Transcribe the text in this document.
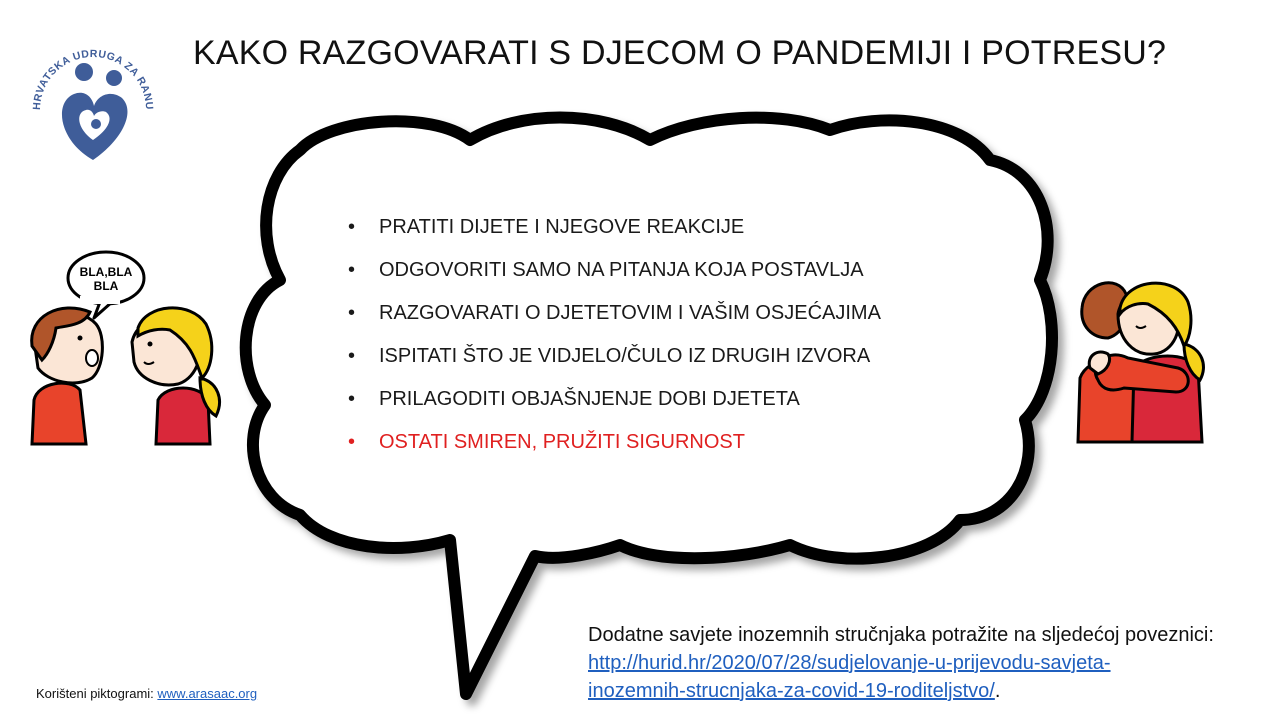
HRVATSKA UDRUGA ZA RANU
KAKO RAZGOVARATI S DJECOM O PANDEMIJI I POTRESU?
BLA,BLA
BLA
• PRATITI DIJETE I NJEGOVE REAKCIJE
• ODGOVORITI SAMO NA PITANJA KOJA POSTAVLJA
• RAZGOVARATI O DJETETOVIM I VAŠIM OSJEĆAJIMA
• ISPITATI ŠTO JE VIDJELO/ČULO IZ DRUGIH IZVORA
• PRILAGODITI OBJAŠNJENJE DOBI DJETETA
• OSTATI SMIREN, PRUŽITI SIGURNOST
Dodatne savjete inozemnih stručnjaka potražite na sljedećoj poveznici:
http://hurid.hr/2020/07/28/sudjelovanje-u-prijevodu-savjeta-
inozemnih-strucnjaka-za-covid-19-roditeljstvo/.
Korišteni piktogrami: www.arasaac.org
